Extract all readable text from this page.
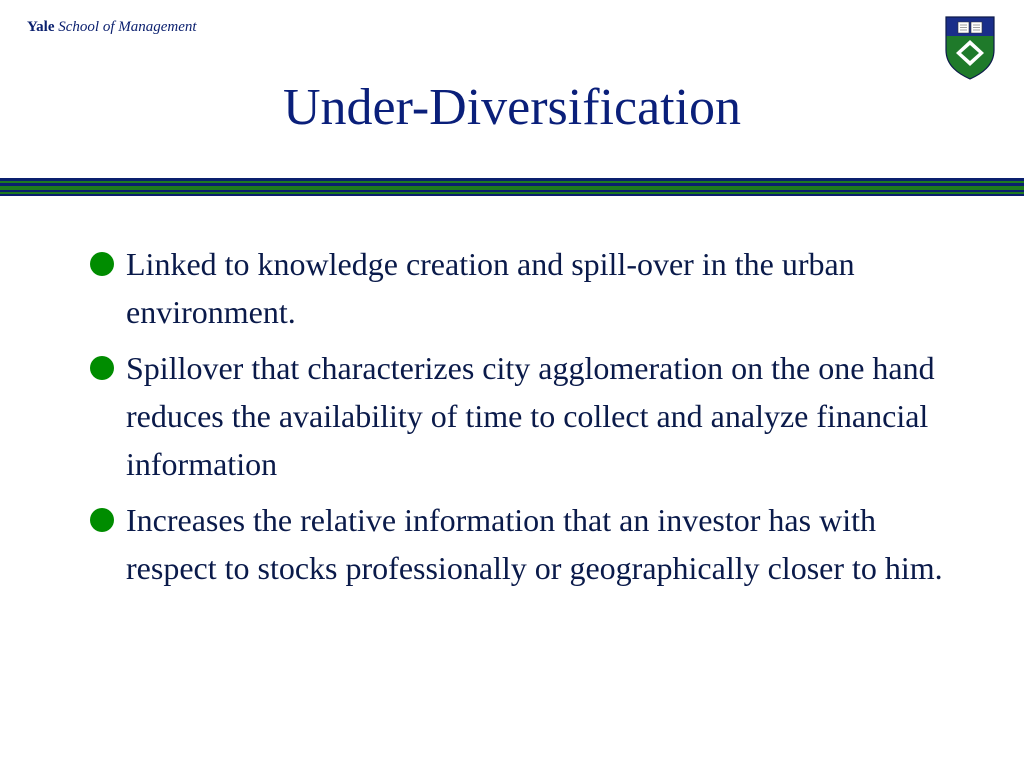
Yale School of Management
Under-Diversification
Linked to knowledge creation and spill-over in the urban environment.
Spillover that characterizes city agglomeration on the one hand reduces the availability of time to collect and analyze financial information
Increases the relative information that an investor has with respect to stocks professionally or geographically closer to him.
